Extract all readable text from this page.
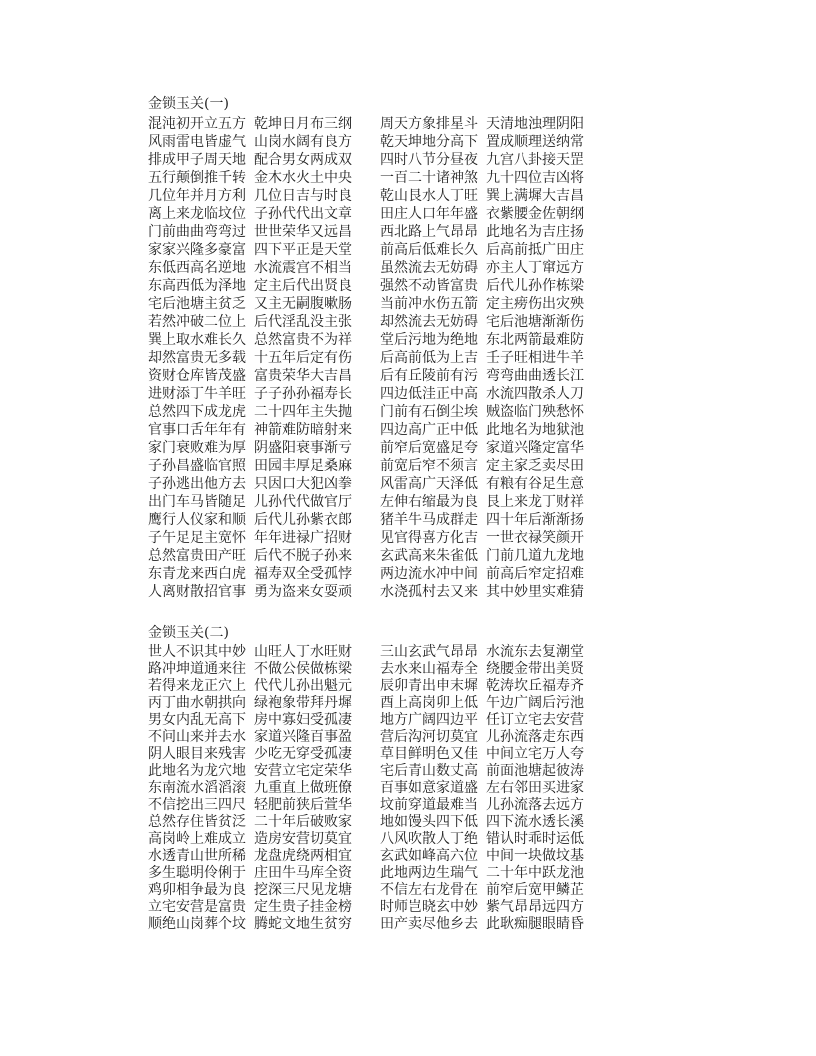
金锁玉关(一)
混沌初开立五方 乾坤日月布三纲 周天方象排星斗 天清地浊理阴阳
风雨雷电皆虚气 山岗水阔有良方 乾天坤地分高下 置成顺理送纳常
排成甲子周天地 配合男女两成双 四时八节分昼夜 九宫八卦接天罡
五行颠倒推千转 金木水火土中央 一百二十诸神煞 九十四位吉凶将
几位年并月方利 几位日吉与时良 乾山艮水人丁旺 巽上满墀大吉昌
离上来龙临坟位 子孙代代出文章 田庄人口年年盛 衣紫腰金佐朝纲
门前曲曲弯弯过 世世荣华又远昌 西北路上气昂昂 此地名为吉庄扬
家家兴隆多豪富 四下平正是天堂 前高后低难长久 后高前抵广田庄
东低西高名逆地 水流震宫不相当 虽然流去无妨碍 亦主人丁窜远方
东高西低为泽地 定主后代出贤良 强然不动皆富贵 后代儿孙作栋梁
宅后池塘主贫乏 又主无嗣腹嗽肠 当前冲水伤五箭 定主痨伤出灾殃
若然冲破二位上 后代淫乱没主张 却然流去无妨碍 宅后池塘渐渐伤
巽上取水难长久 总然富贵不为祥 堂后污地为绝地 东北两箭最难防
却然富贵无多载 十五年后定有伤 后高前低为上吉 壬子旺相进牛羊
资财仓库皆茂盛 富贵荣华大吉昌 后有丘陵前有污 弯弯曲曲透长江
进财添丁牛羊旺 子子孙孙福寿长 四边低洼正中高 水流四散杀人刀
总然四下成龙虎 二十四年主失抛 门前有石倒尘埃 贼盗临门殃愁怀
官事口舌年年有 神箭难防暗射来 四边高广正中低 此地名为地狱池
家门衰败难为厚 阴盛阳衰事渐亏 前窄后宽盛足夸 家道兴隆定富华
子孙昌盛临官照 田园丰厚足桑麻 前宽后窄不须言 定主家乏卖尽田
子孙逃出他方去 只因口大犯凶拳 风雷高广天泽低 有粮有谷足生意
出门车马皆随足 儿孙代代做官厅 左伸右缩最为良 艮上来龙丁财祥
鹰行人仪家和顺 后代儿孙紫衣郎 猪羊牛马成群走 四十年后渐渐扬
子午足足主宽怀 年年进禄广招财 见官得喜方化吉 一世衣禄笑颜开
总然富贵田产旺 后代不脱子孙来 玄武高来朱雀低 门前几道九龙地
东青龙来西白虎 福寿双全受孤悖 两边流水冲中间 前高后窄定招难
人离财散招官事 勇为盗来女耍顽 水浇孤村去又来 其中妙里实难猜
金锁玉关(二)
世人不识其中妙 山旺人丁水旺财 三山玄武气昂昂 水流东去复潮堂
路冲坤道通来往 不做公侯做栋梁 去水来山福寿全 绕腰金带出美贤
若得来龙正穴上 代代儿孙出魁元 辰卯青出申末墀 乾涛坎丘福寿齐
丙丁曲水朝拱向 绿袍象带拜丹墀 酉上高岗卯上低 午边广阔后污池
男女内乱无高下 房中寡妇受孤凄 地方广阔四边平 任订立宅去安营
不问山来并去水 家道兴隆百事盈 营后沟河切莫宜 儿孙流落走东西
阴人眼目来残害 少吃无穿受孤凄 草目鲜明色又佳 中间立宅万人夸
此地名为龙穴地 安营立宅定荣华 宅后青山数丈高 前面池塘起彼涛
东南流水滔滔滚 九重直上做班僚 百事如意家道盛 左右邻田买进家
不信挖出三四尺 轻肥前狭后萱华 坟前穿道最难当 儿孙流落去远方
总然存住皆贫泛 二十年后破败家 地如馒头四下低 四下流水透长溪
高岗岭上难成立 造房安营切莫宜 八风吹散人丁绝 错认时乖时运低
水透青山世所稀 龙盘虎绕两相宜 玄武如峰高六位 中间一块做坟基
多生聪明伶俐于 庄田牛马库全资 此地两边生瑞气 二十年中跃龙池
鸡卯相争最为良 挖深三尺见龙塘 不信左右龙骨在 前窄后宽甲鳞芷
立宅安营是富贵 定生贵子挂金榜 时师岂晓玄中妙 紫气昂昂远四方
顺绝山岗葬个坟 腾蛇文地生贫穷 田产卖尽他乡去 此耿痴腿眼睛昏
